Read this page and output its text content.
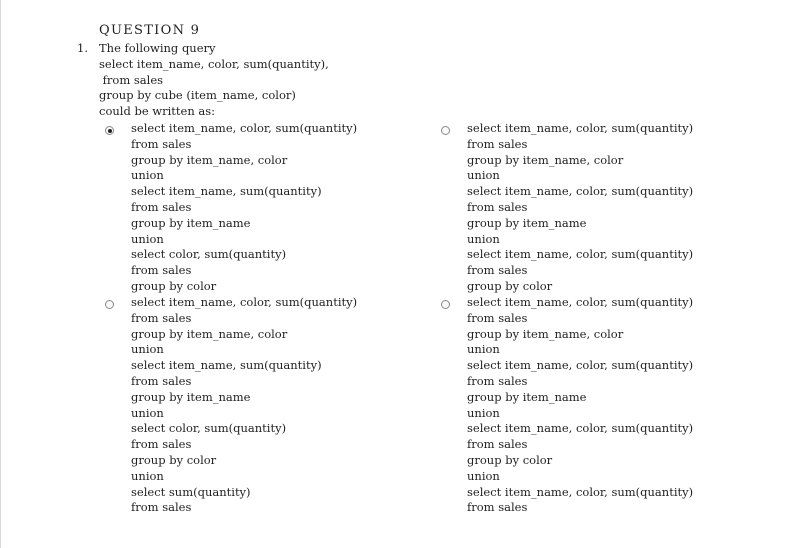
QUESTION 9
1. The following query
select item_name, color, sum(quantity),
from sales
group by cube (item_name, color)
could be written as:
select item_name, color, sum(quantity)
from sales
group by item_name, color
union
select item_name, sum(quantity)
from sales
group by item_name
union
select color, sum(quantity)
from sales
group by color
select item_name, color, sum(quantity)
from sales
group by item_name, color
union
select item_name, color, sum(quantity)
from sales
group by item_name
union
select item_name, color, sum(quantity)
from sales
group by color
select item_name, color, sum(quantity)
from sales
group by item_name, color
union
select item_name, sum(quantity)
from sales
group by item_name
union
select color, sum(quantity)
from sales
group by color
union
select sum(quantity)
from sales
select item_name, color, sum(quantity)
from sales
group by item_name, color
union
select item_name, color, sum(quantity)
from sales
group by item_name
union
select item_name, color, sum(quantity)
from sales
group by color
union
select item_name, color, sum(quantity)
from sales
